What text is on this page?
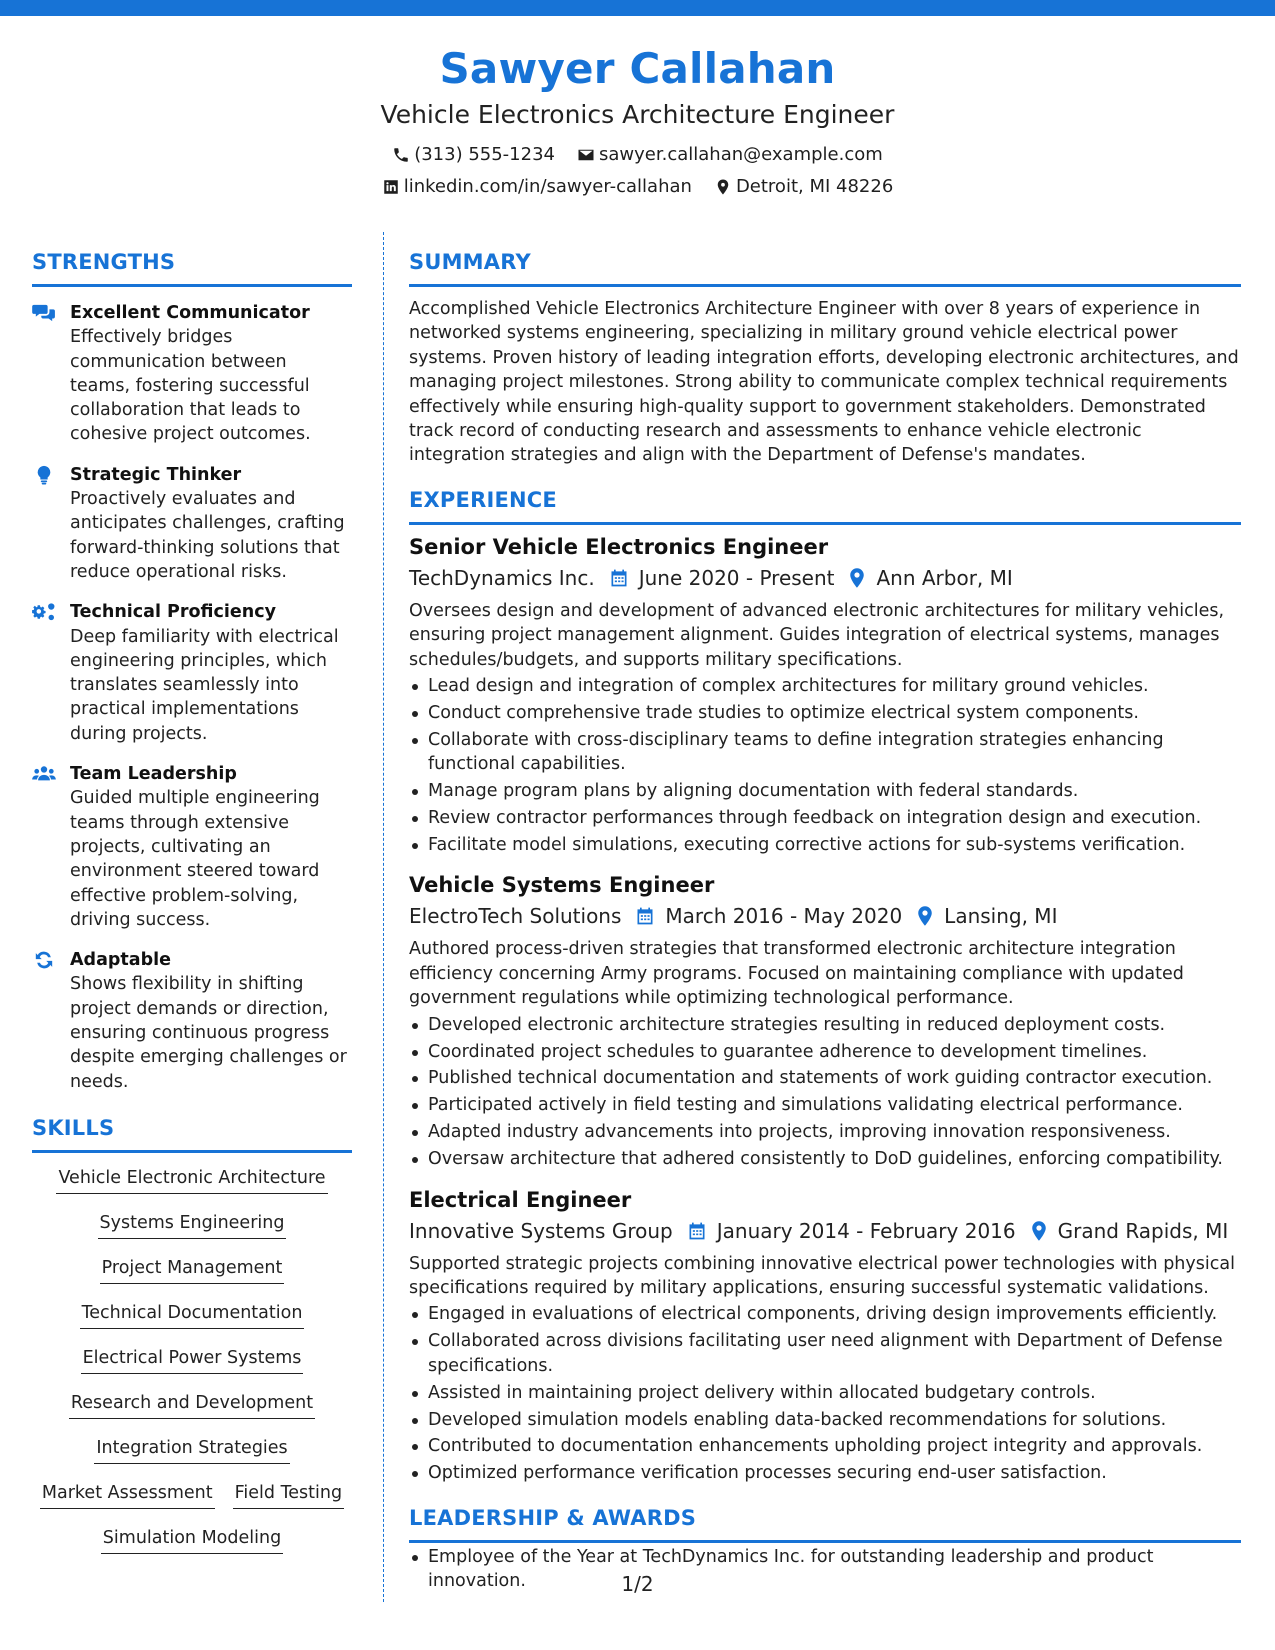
Sawyer Callahan
Vehicle Electronics Architecture Engineer
(313) 555-1234 sawyer.callahan@example.com
linkedin.com/in/sawyer-callahan Detroit, MI 48226
STRENGTHS
Excellent Communicator
Effectively bridges communication between teams, fostering successful collaboration that leads to cohesive project outcomes.
Strategic Thinker
Proactively evaluates and anticipates challenges, crafting forward-thinking solutions that reduce operational risks.
Technical Proficiency
Deep familiarity with electrical engineering principles, which translates seamlessly into practical implementations during projects.
Team Leadership
Guided multiple engineering teams through extensive projects, cultivating an environment steered toward effective problem-solving, driving success.
Adaptable
Shows flexibility in shifting project demands or direction, ensuring continuous progress despite emerging challenges or needs.
SKILLS
Vehicle Electronic Architecture
Systems Engineering
Project Management
Technical Documentation
Electrical Power Systems
Research and Development
Integration Strategies
Market Assessment Field Testing
Simulation Modeling
SUMMARY
Accomplished Vehicle Electronics Architecture Engineer with over 8 years of experience in networked systems engineering, specializing in military ground vehicle electrical power systems. Proven history of leading integration efforts, developing electronic architectures, and managing project milestones. Strong ability to communicate complex technical requirements effectively while ensuring high-quality support to government stakeholders. Demonstrated track record of conducting research and assessments to enhance vehicle electronic integration strategies and align with the Department of Defense's mandates.
EXPERIENCE
Senior Vehicle Electronics Engineer
TechDynamics Inc. June 2020 - Present Ann Arbor, MI
Oversees design and development of advanced electronic architectures for military vehicles, ensuring project management alignment. Guides integration of electrical systems, manages schedules/budgets, and supports military specifications.
Lead design and integration of complex architectures for military ground vehicles.
Conduct comprehensive trade studies to optimize electrical system components.
Collaborate with cross-disciplinary teams to define integration strategies enhancing functional capabilities.
Manage program plans by aligning documentation with federal standards.
Review contractor performances through feedback on integration design and execution.
Facilitate model simulations, executing corrective actions for sub-systems verification.
Vehicle Systems Engineer
ElectroTech Solutions March 2016 - May 2020 Lansing, MI
Authored process-driven strategies that transformed electronic architecture integration efficiency concerning Army programs. Focused on maintaining compliance with updated government regulations while optimizing technological performance.
Developed electronic architecture strategies resulting in reduced deployment costs.
Coordinated project schedules to guarantee adherence to development timelines.
Published technical documentation and statements of work guiding contractor execution.
Participated actively in field testing and simulations validating electrical performance.
Adapted industry advancements into projects, improving innovation responsiveness.
Oversaw architecture that adhered consistently to DoD guidelines, enforcing compatibility.
Electrical Engineer
Innovative Systems Group January 2014 - February 2016 Grand Rapids, MI
Supported strategic projects combining innovative electrical power technologies with physical specifications required by military applications, ensuring successful systematic validations.
Engaged in evaluations of electrical components, driving design improvements efficiently.
Collaborated across divisions facilitating user need alignment with Department of Defense specifications.
Assisted in maintaining project delivery within allocated budgetary controls.
Developed simulation models enabling data-backed recommendations for solutions.
Contributed to documentation enhancements upholding project integrity and approvals.
Optimized performance verification processes securing end-user satisfaction.
LEADERSHIP & AWARDS
Employee of the Year at TechDynamics Inc. for outstanding leadership and product innovation.	1/2
